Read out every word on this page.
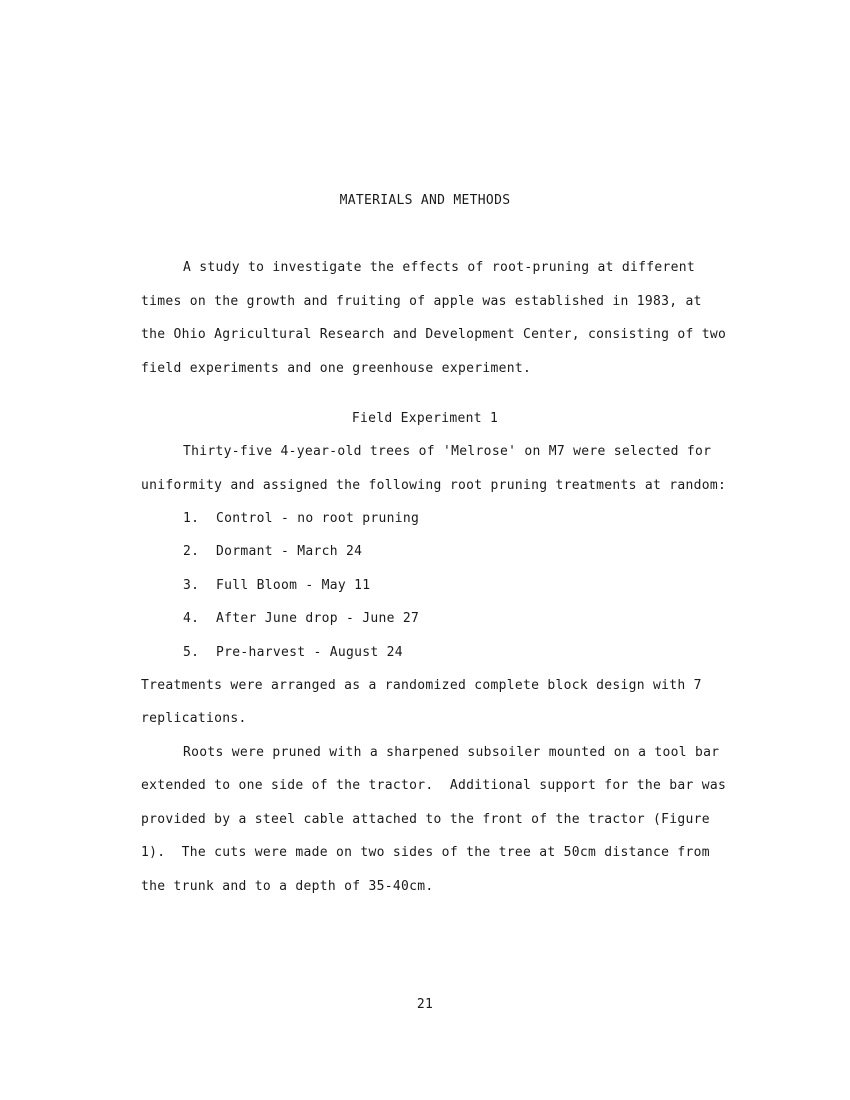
MATERIALS AND METHODS
A study to investigate the effects of root-pruning at different
times on the growth and fruiting of apple was established in 1983, at
the Ohio Agricultural Research and Development Center, consisting of two
field experiments and one greenhouse experiment.
Field Experiment 1
Thirty-five 4-year-old trees of 'Melrose' on M7 were selected for
uniformity and assigned the following root pruning treatments at random:
1. Control - no root pruning
2. Dormant - March 24
3. Full Bloom - May 11
4. After June drop - June 27
5. Pre-harvest - August 24
Treatments were arranged as a randomized complete block design with 7
replications.
Roots were pruned with a sharpened subsoiler mounted on a tool bar
extended to one side of the tractor.  Additional support for the bar was
provided by a steel cable attached to the front of the tractor (Figure
1).  The cuts were made on two sides of the tree at 50cm distance from
the trunk and to a depth of 35-40cm.
21
